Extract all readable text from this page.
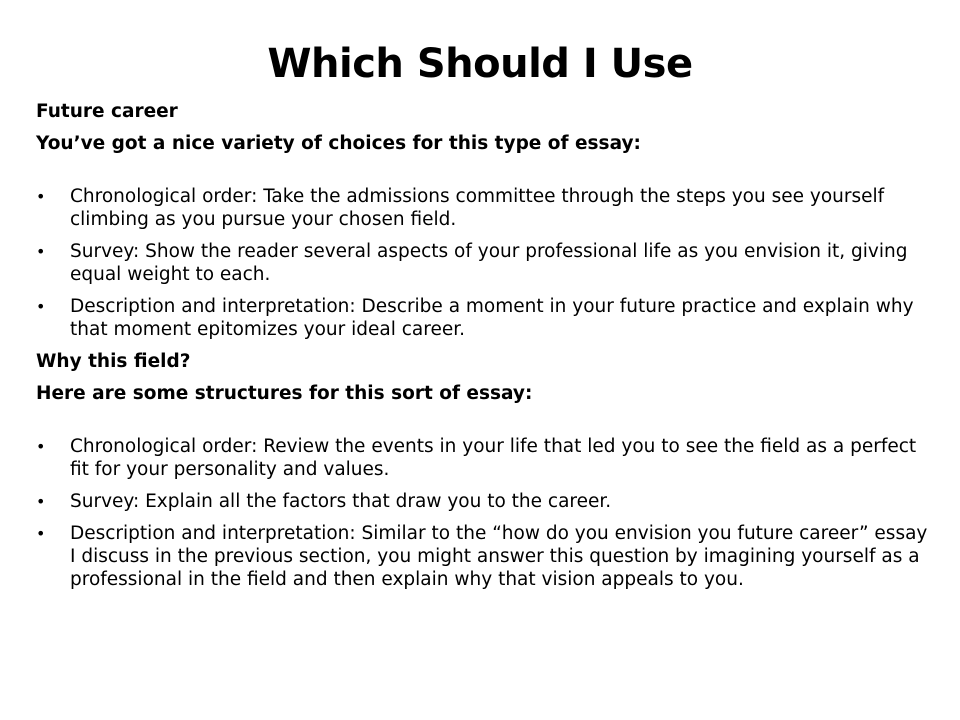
Which Should I Use
Future career
You’ve got a nice variety of choices for this type of essay:
•	Chronological order: Take the admissions committee through the steps you see yourself climbing as you pursue your chosen field.
•	Survey: Show the reader several aspects of your professional life as you envision it, giving equal weight to each.
•	Description and interpretation: Describe a moment in your future practice and explain why that moment epitomizes your ideal career.
Why this field?
Here are some structures for this sort of essay:
•	Chronological order: Review the events in your life that led you to see the field as a perfect fit for your personality and values.
•	Survey: Explain all the factors that draw you to the career.
•	Description and interpretation: Similar to the “how do you envision you future career” essay I discuss in the previous section, you might answer this question by imagining yourself as a professional in the field and then explain why that vision appeals to you.
